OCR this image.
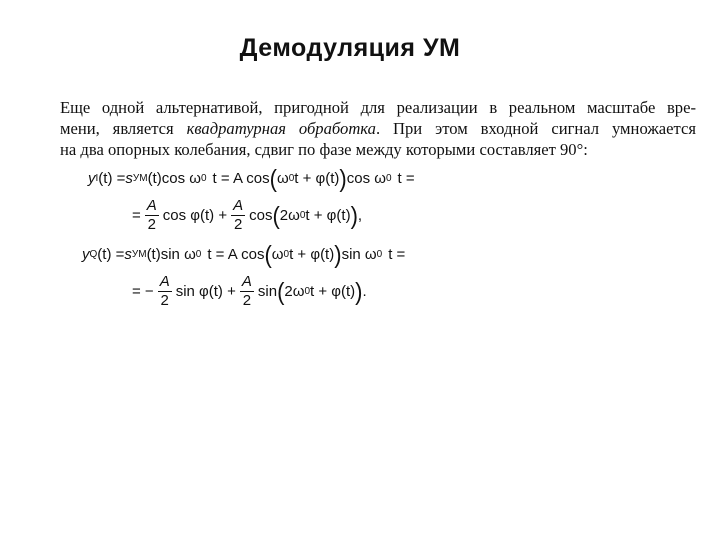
Демодуляция УМ
Еще одной альтернативой, пригодной для реализации в реальном масштабе вре-
мени, является квадратурная обработка. При этом входной сигнал умножается
на два опорных колебания, сдвиг по фазе между которыми составляет 90°:
y I (t) = s УМ (t)cos ω 0 t = A cos ( ω 0 t + φ(t) ) cos ω 0 t =
= $\frac{A}{2}$ $\cos \varphi(t) + \frac{A}{2}$ cos ( 2ω 0 t + φ(t) ) ,
y Q (t) = s УМ (t)sin ω 0 t = A cos ( ω 0 t + φ(t) ) sin ω 0 t =
= − $\frac{A}{2}$ $\sin \varphi(t) + \frac{A}{2}$ sin ( 2ω 0 t + φ(t) ) .
